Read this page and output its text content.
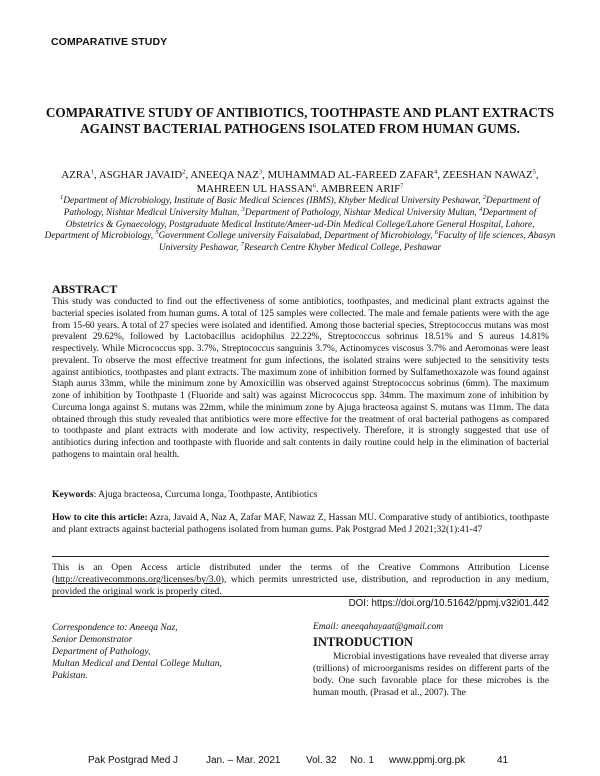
COMPARATIVE STUDY
COMPARATIVE STUDY OF ANTIBIOTICS, TOOTHPASTE AND PLANT EXTRACTS AGAINST BACTERIAL PATHOGENS ISOLATED FROM HUMAN GUMS.
AZRA$^1$, ASGHAR JAVAID$^2$, ANEEQA NAZ$^3$, MUHAMMAD AL-FAREED ZAFAR$^4$, ZEESHAN NAWAZ$^5$, MAHREEN UL HASSAN$^6$. AMBREEN ARIF$^7$
$^1$Department of Microbiology, Institute of Basic Medical Sciences (IBMS), Khyber Medical University Peshawar, $^2$Department of Pathology, Nishtar Medical University Multan, $^3$Department of Pathology, Nishtar Medical University Multan, $^4$Department of Obstetrics & Gynaecology, Postgraduate Medical Institute/Ameer-ud-Din Medical College/Lahore General Hospital, Lahore, Department of Microbiology, $^5$Government College university Faisalabad, Department of Microbiology, $^6$Faculty of life sciences, Abasyn University Peshawar, $^7$Research Centre Khyber Medical College, Peshawar
ABSTRACT
This study was conducted to find out the effectiveness of some antibiotics, toothpastes, and medicinal plant extracts against the bacterial species isolated from human gums. A total of 125 samples were collected. The male and female patients were with the age from 15-60 years. A total of 27 species were isolated and identified. Among those bacterial species, Streptococcus mutans was most prevalent 29.62%, followed by Lactobacillus acidophilus 22.22%, Streptococcus sobrinus 18.51% and S aureus 14.81% respectively. While Micrococcus spp. 3.7%, Streptococcus sanguinis 3.7%, Actinomyces viscosus 3.7% and Aeromonas were least prevalent. To observe the most effective treatment for gum infections, the isolated strains were subjected to the sensitivity tests against antibiotics, toothpastes and plant extracts. The maximum zone of inhibition formed by Sulfamethoxazole was found against Staph aurus 33mm, while the minimum zone by Amoxicillin was observed against Streptococcus sobrinus (6mm). The maximum zone of inhibition by Toothpaste 1 (Fluoride and salt) was against Micrococcus spp. 34mm. The maximum zone of inhibition by Curcuma longa against S. mutans was 22mm, while the minimum zone by Ajuga bracteosa against S. mutans was 11mm. The data obtained through this study revealed that antibiotics were more effective for the treatment of oral bacterial pathogens as compared to toothpaste and plant extracts with moderate and low activity, respectively. Therefore, it is strongly suggested that use of antibiotics during infection and toothpaste with fluoride and salt contents in daily routine could help in the elimination of bacterial pathogens to maintain oral health.
Keywords: Ajuga bracteosa, Curcuma longa, Toothpaste, Antibiotics
How to cite this article: Azra, Javaid A, Naz A, Zafar MAF, Nawaz Z, Hassan MU. Comparative study of antibiotics, toothpaste and plant extracts against bacterial pathogens isolated from human gums. Pak Postgrad Med J 2021;32(1):41-47
This is an Open Access article distributed under the terms of the Creative Commons Attribution License (http://creativecommons.org/licenses/by/3.0), which permits unrestricted use, distribution, and reproduction in any medium, provided the original work is properly cited.
DOI: https://doi.org/10.51642/ppmj.v32i01.442
Correspondence to: Aneeqa Naz,
Senior Demonstrator
Department of Pathology,
Multan Medical and Dental College Multan,
Pakistan.
Email: aneeqahayaat@gmail.com
INTRODUCTION
Microbial investigations have revealed that diverse array (trillions) of microorganisms resides on different parts of the body. One such favorable place for these microbes is the human mouth. (Prasad et al., 2007). The
Pak Postgrad Med J	Jan. – Mar. 2021	Vol. 32 No. 1 www.ppmj.org.pk	41
